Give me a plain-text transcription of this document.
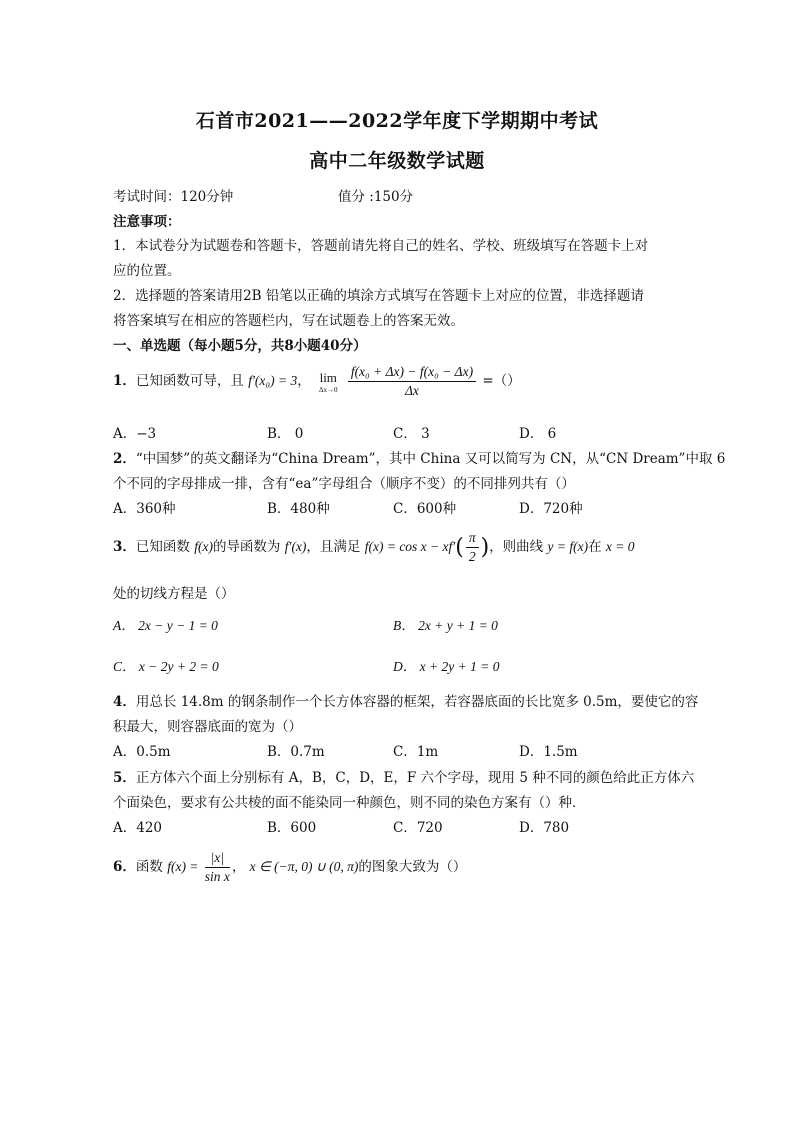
石首市2021——2022学年度下学期期中考试
高中二年级数学试题
考试时间：120分钟	值分 :150分
注意事项：
1．本试卷分为试题卷和答题卡，答题前请先将自己的姓名、学校、班级填写在答题卡上对
应的位置。
2．选择题的答案请用2B 铅笔以正确的填涂方式填写在答题卡上对应的位置，非选择题请
将答案填写在相应的答题栏内，写在试题卷上的答案无效。
一、单选题（每小题5分，共8小题40分）
1．已知函数可导，且 f′(x₀) = 3， lim
Δx→0
$\frac{\text{f(x₀ + Δx) − f(x₀ − Δx)}}{\Delta x}$ =（）
A．−3	B． 0	C． 3	D． 6
2．“中国梦”的英文翻译为“China Dream”，其中 China 又可以简写为 CN，从“CN Dream”中取 6
个不同的字母排成一排，含有“ea”字母组合（顺序不变）的不同排列共有（）
A．360种	B．480种	C．600种	D．720种
3．已知函数 f(x)的导函数为 f′(x)，且满足 $f(x) = \cos x - xf'( \frac{\pi}{2}$ )，则曲线 y = f(x)在 x = 0
处的切线方程是（）
A． 2x − y − 1 = 0	B． 2x + y + 1 = 0
C． x − 2y + 2 = 0	D． x + 2y + 1 = 0
4．用总长 14.8m 的钢条制作一个长方体容器的框架，若容器底面的长比宽多 0.5m，要使它的容
积最大，则容器底面的宽为（）
A．0.5m	B．0.7m	C．1m	D．1.5m
5．正方体六个面上分别标有 A，B，C，D，E，F 六个字母，现用 5 种不同的颜色给此正方体六
个面染色，要求有公共棱的面不能染同一种颜色，则不同的染色方案有（）种．
A．420	B．600	C．720	D．780
6．函数 $f(x) = \frac{|x|}{\text{sin x}}$ ， x ∈ (−π, 0) ∪ (0, π)的图象大致为（）
